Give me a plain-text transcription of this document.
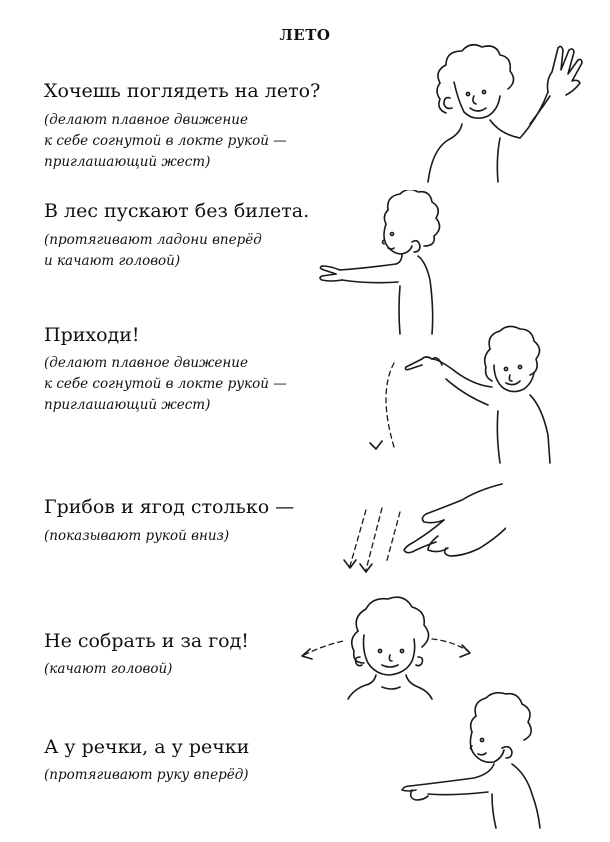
ЛЕТО
Хочешь поглядеть на лето?
(делают плавное движение
к себе согнутой в локте рукой —
приглашающий жест)
В лес пускают без билета.
(протягивают ладони вперёд
и качают головой)
Приходи!
(делают плавное движение
к себе согнутой в локте рукой —
приглашающий жест)
Грибов и ягод столько —
(показывают рукой вниз)
Не собрать и за год!
(качают головой)
А у речки, а у речки
(протягивают руку вперёд)
